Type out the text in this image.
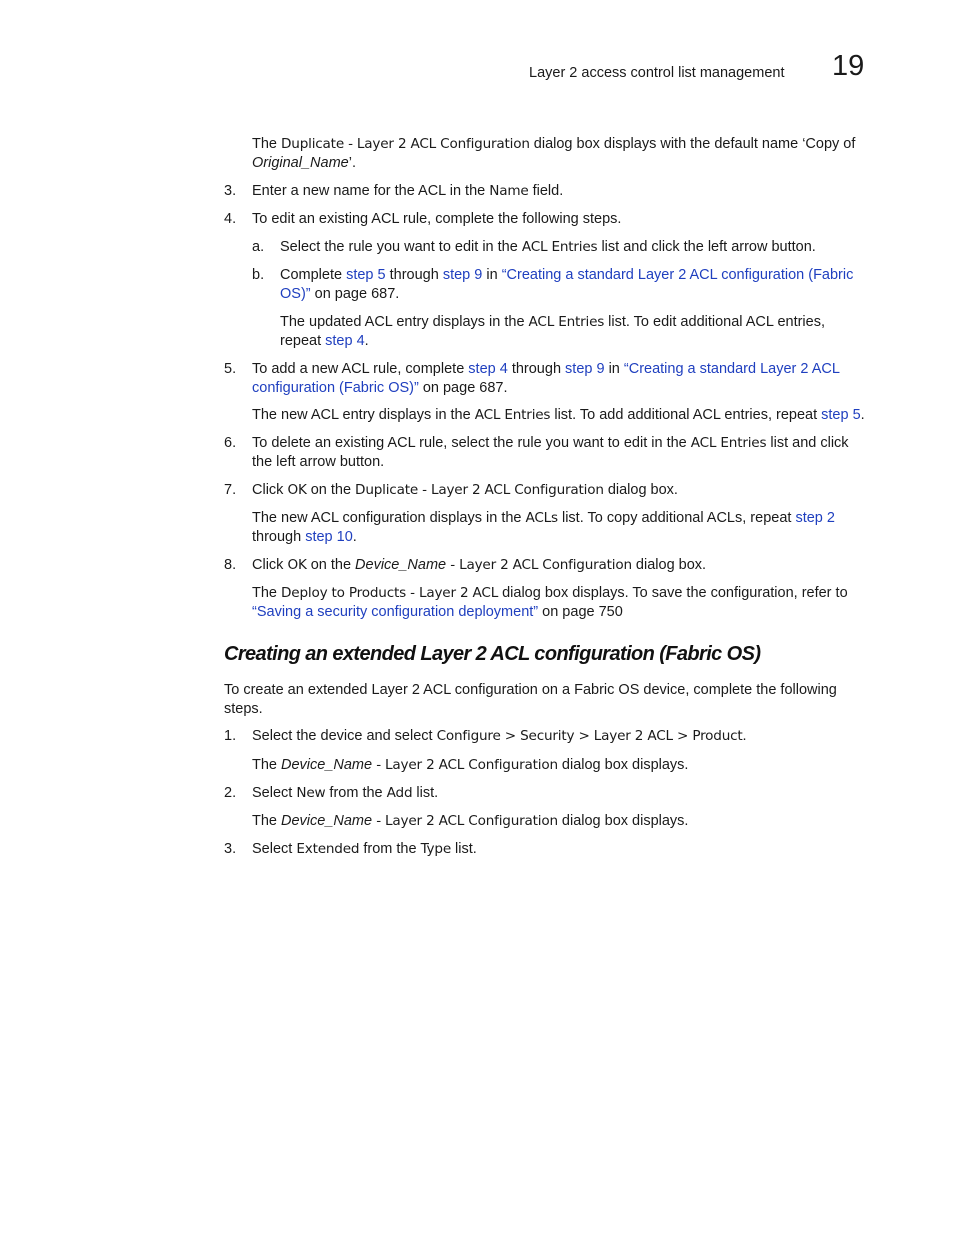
Layer 2 access control list management 19

The Duplicate - Layer 2 ACL Configuration dialog box displays with the default name ‘Copy of
Original_Name’.

3. Enter a new name for the ACL in the Name field.

4. To edit an existing ACL rule, complete the following steps.

a. Select the rule you want to edit in the ACL Entries list and click the left arrow button.

b. Complete step 5 through step 9 in “Creating a standard Layer 2 ACL configuration (Fabric
OS)” on page 687.

The updated ACL entry displays in the ACL Entries list. To edit additional ACL entries,
repeat step 4.

5. To add a new ACL rule, complete step 4 through step 9 in “Creating a standard Layer 2 ACL
configuration (Fabric OS)” on page 687.

The new ACL entry displays in the ACL Entries list. To add additional ACL entries, repeat step 5.

6. To delete an existing ACL rule, select the rule you want to edit in the ACL Entries list and click
the left arrow button.

7. Click OK on the Duplicate - Layer 2 ACL Configuration dialog box.

The new ACL configuration displays in the ACLs list. To copy additional ACLs, repeat step 2
through step 10.

8. Click OK on the Device_Name - Layer 2 ACL Configuration dialog box.

The Deploy to Products - Layer 2 ACL dialog box displays. To save the configuration, refer to
“Saving a security configuration deployment” on page 750

Creating an extended Layer 2 ACL configuration (Fabric OS)

To create an extended Layer 2 ACL configuration on a Fabric OS device, complete the following
steps.

1. Select the device and select Configure > Security > Layer 2 ACL > Product.

The Device_Name - Layer 2 ACL Configuration dialog box displays.

2. Select New from the Add list.

The Device_Name - Layer 2 ACL Configuration dialog box displays.

3. Select Extended from the Type list.
